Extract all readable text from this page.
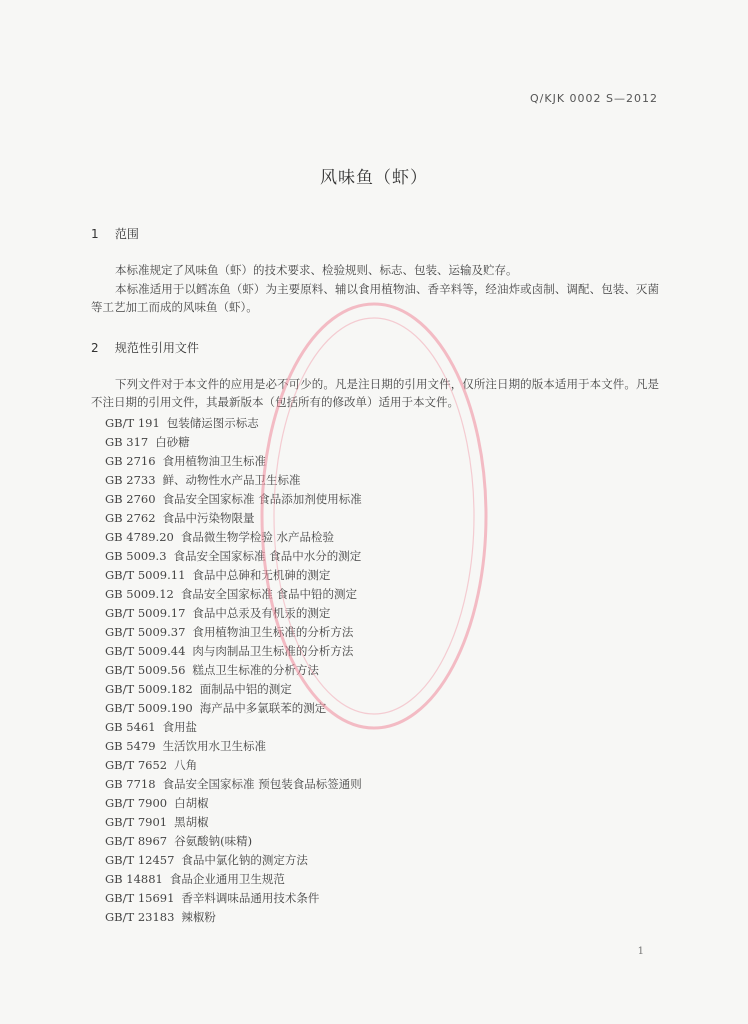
Q/KJK 0002 S—2012
风味鱼（虾）
1 范围
本标准规定了风味鱼（虾）的技术要求、检验规则、标志、包装、运输及贮存。
本标准适用于以鳕冻鱼（虾）为主要原料、辅以食用植物油、香辛料等，经油炸或卤制、调配、包装、灭菌等工艺加工而成的风味鱼（虾）。
2 规范性引用文件
下列文件对于本文件的应用是必不可少的。凡是注日期的引用文件，仅所注日期的版本适用于本文件。凡是不注日期的引用文件，其最新版本（包括所有的修改单）适用于本文件。
GB/T 191 包装储运图示标志
GB 317 白砂糖
GB 2716 食用植物油卫生标准
GB 2733 鲜、动物性水产品卫生标准
GB 2760 食品安全国家标准 食品添加剂使用标准
GB 2762 食品中污染物限量
GB 4789.20 食品微生物学检验 水产品检验
GB 5009.3 食品安全国家标准 食品中水分的测定
GB/T 5009.11 食品中总砷和无机砷的测定
GB 5009.12 食品安全国家标准 食品中铅的测定
GB/T 5009.17 食品中总汞及有机汞的测定
GB/T 5009.37 食用植物油卫生标准的分析方法
GB/T 5009.44 肉与肉制品卫生标准的分析方法
GB/T 5009.56 糕点卫生标准的分析方法
GB/T 5009.182 面制品中铝的测定
GB/T 5009.190 海产品中多氯联苯的测定
GB 5461 食用盐
GB 5479 生活饮用水卫生标准
GB/T 7652 八角
GB 7718 食品安全国家标准 预包装食品标签通则
GB/T 7900 白胡椒
GB/T 7901 黑胡椒
GB/T 8967 谷氨酸钠(味精)
GB/T 12457 食品中氯化钠的测定方法
GB 14881 食品企业通用卫生规范
GB/T 15691 香辛料调味品通用技术条件
GB/T 23183 辣椒粉
1
